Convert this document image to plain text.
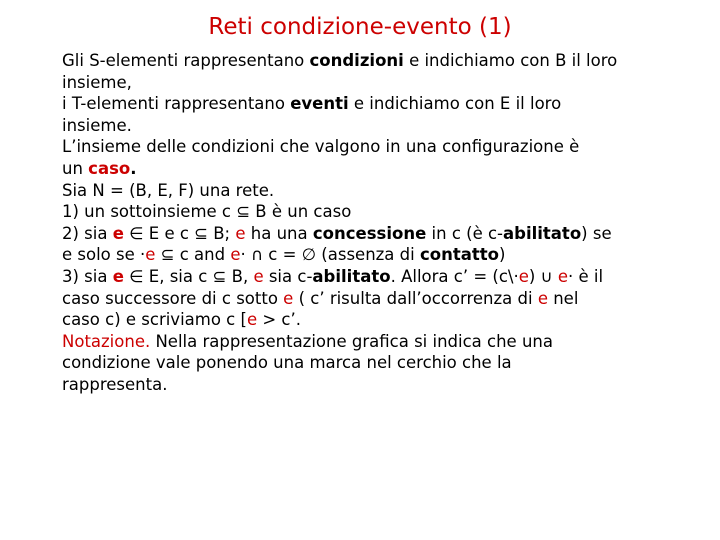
Reti condizione-evento (1)
Gli S-elementi rappresentano condizioni e indichiamo con B il loro
insieme,
i T-elementi rappresentano eventi e indichiamo con E il loro
insieme.
L’insieme delle condizioni che valgono in una configurazione è
un caso.
Sia N = (B, E, F) una rete.
1) un sottoinsieme c ⊆ B è un caso
2) sia e ∈ E e c ⊆ B; e ha una concessione in c (è c-abilitato) se
e solo se ·e ⊆ c and e· ∩ c = ∅ (assenza di contatto)
3) sia e ∈ E, sia c ⊆ B, e sia c-abilitato. Allora c’ = (c\·e) ∪ e· è il
caso successore di c sotto e ( c’ risulta dall’occorrenza di e nel
caso c) e scriviamo c [e > c’.
Notazione. Nella rappresentazione grafica si indica che una
condizione vale ponendo una marca nel cerchio che la
rappresenta.
